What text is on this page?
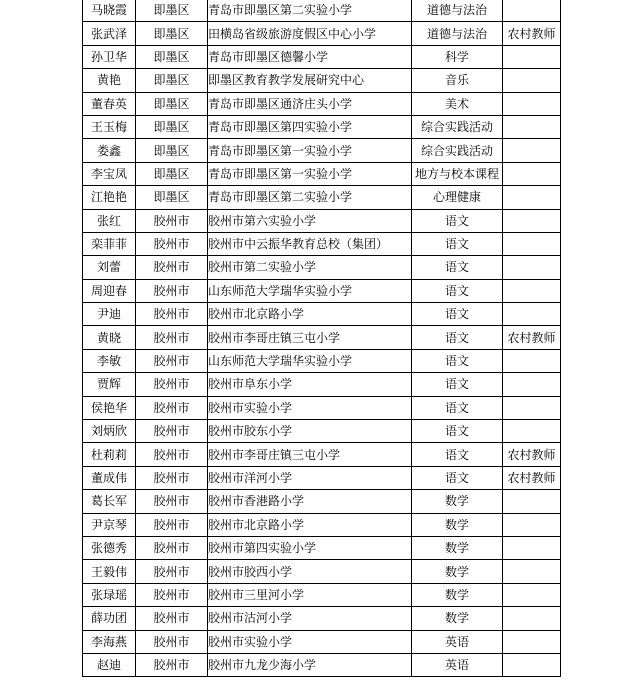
马晓霞	即墨区	青岛市即墨区第二实验小学	道德与法治	
张武泽	即墨区	田横岛省级旅游度假区中心小学	道德与法治	农村教师
孙卫华	即墨区	青岛市即墨区德馨小学	科学	
黄艳	即墨区	即墨区教育教学发展研究中心	音乐	
董春英	即墨区	青岛市即墨区通济庄头小学	美术	
王玉梅	即墨区	青岛市即墨区第四实验小学	综合实践活动	
娄鑫	即墨区	青岛市即墨区第一实验小学	综合实践活动	
李宝凤	即墨区	青岛市即墨区第一实验小学	地方与校本课程	
江艳艳	即墨区	青岛市即墨区第二实验小学	心理健康	
张红	胶州市	胶州市第六实验小学	语文	
栾菲菲	胶州市	胶州市中云振华教育总校（集团）	语文	
刘蕾	胶州市	胶州市第二实验小学	语文	
周迎春	胶州市	山东师范大学瑞华实验小学	语文	
尹迪	胶州市	胶州市北京路小学	语文	
黄晓	胶州市	胶州市李哥庄镇三屯小学	语文	农村教师
李敏	胶州市	山东师范大学瑞华实验小学	语文	
贾辉	胶州市	胶州市阜东小学	语文	
侯艳华	胶州市	胶州市实验小学	语文	
刘炳欣	胶州市	胶州市胶东小学	语文	
杜莉莉	胶州市	胶州市李哥庄镇三屯小学	语文	农村教师
董成伟	胶州市	胶州市洋河小学	语文	农村教师
葛长军	胶州市	胶州市香港路小学	数学	
尹京琴	胶州市	胶州市北京路小学	数学	
张德秀	胶州市	胶州市第四实验小学	数学	
王毅伟	胶州市	胶州市胶西小学	数学	
张琭瑶	胶州市	胶州市三里河小学	数学	
薛功团	胶州市	胶州市沽河小学	数学	
李海燕	胶州市	胶州市实验小学	英语	
赵迪	胶州市	胶州市九龙少海小学	英语	
